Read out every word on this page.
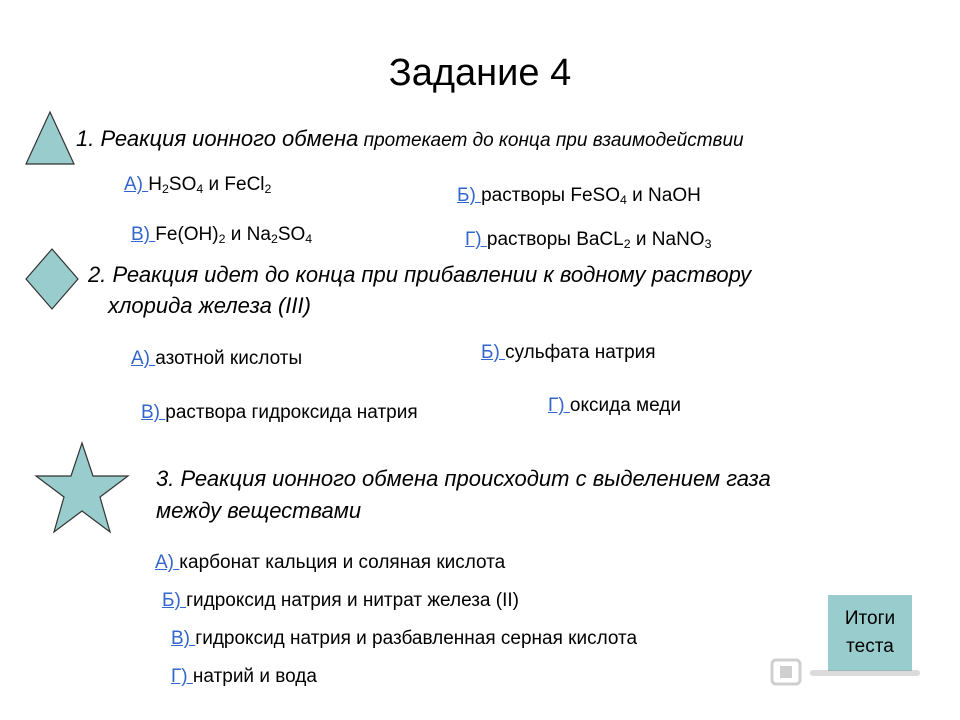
Задание 4
1. Реакция ионного обмена протекает до конца при взаимодействии
А) $H_2SO_4$ и FeCl$_2$	Б) растворы FeSO$_4$ и NaOH
В) $Fe(OH)_2$ и $Na_2SO_4$	Г) растворы BaCL$_2$ и NaNO$_3$
2. Реакция идет до конца при прибавлении к водному раствору
хлорида железа (III)
А) азотной кислоты	Б) сульфата натрия
В) раствора гидроксида натрия	Г) оксида меди
3. Реакция ионного обмена происходит с выделением газа
между веществами
А) карбонат кальция и соляная кислота
Б) гидроксид натрия и нитрат железа (II)
В) гидроксид натрия и разбавленная серная кислота
Г) натрий и вода
Итоги
теста
